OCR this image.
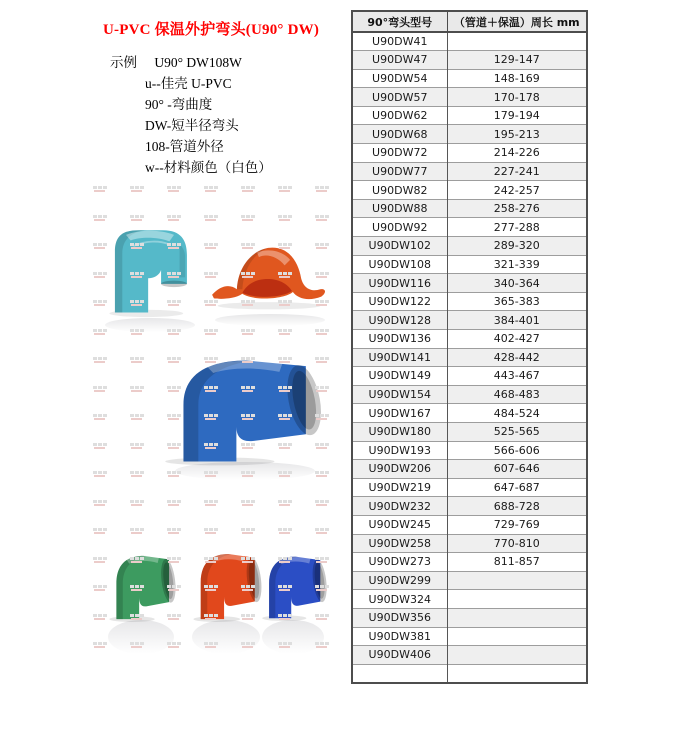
U-PVC 保温外护弯头(U90° DW)
示例 U90° DW108W
u--佳壳 U-PVC
90° -弯曲度
DW-短半径弯头
108-管道外径
w--材料颜色（白色）
90°弯头型号	（管道＋保温）周长 mm
U90DW41	
U90DW47	129-147
U90DW54	148-169
U90DW57	170-178
U90DW62	179-194
U90DW68	195-213
U90DW72	214-226
U90DW77	227-241
U90DW82	242-257
U90DW88	258-276
U90DW92	277-288
U90DW102	289-320
U90DW108	321-339
U90DW116	340-364
U90DW122	365-383
U90DW128	384-401
U90DW136	402-427
U90DW141	428-442
U90DW149	443-467
U90DW154	468-483
U90DW167	484-524
U90DW180	525-565
U90DW193	566-606
U90DW206	607-646
U90DW219	647-687
U90DW232	688-728
U90DW245	729-769
U90DW258	770-810
U90DW273	811-857
U90DW299	
U90DW324	
U90DW356	
U90DW381	
U90DW406	
